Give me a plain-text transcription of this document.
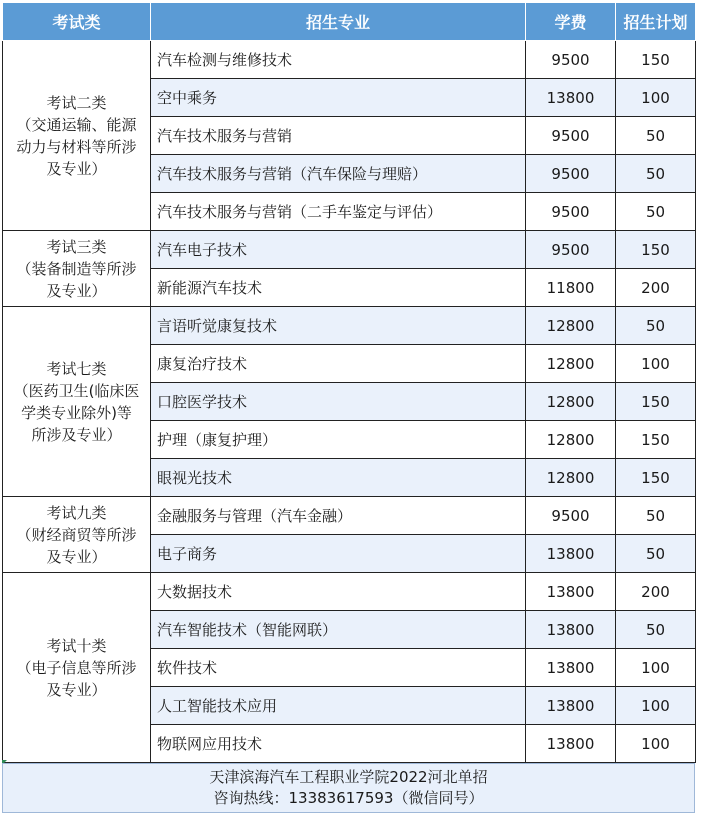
考试类	招生专业	学费	招生计划

考试二类
（交通运输、能源
动力与材料等所涉
及专业）	汽车检测与维修技术	9500	150
	空中乘务	13800	100
	汽车技术服务与营销	9500	50
	汽车技术服务与营销（汽车保险与理赔）	9500	50
	汽车技术服务与营销（二手车鉴定与评估）	9500	50

考试三类
（装备制造等所涉
及专业）	汽车电子技术	9500	150
	新能源汽车技术	11800	200

考试七类
（医药卫生(临床医
学类专业除外)等
所涉及专业）	言语听觉康复技术	12800	50
	康复治疗技术	12800	100
	口腔医学技术	12800	150
	护理（康复护理）	12800	150
	眼视光技术	12800	150

考试九类
（财经商贸等所涉
及专业）	金融服务与管理（汽车金融）	9500	50
	电子商务	13800	50

考试十类
（电子信息等所涉
及专业）	大数据技术	13800	200
	汽车智能技术（智能网联）	13800	50
	软件技术	13800	100
	人工智能技术应用	13800	100
	物联网应用技术	13800	100
天津滨海汽车工程职业学院2022河北单招
咨询热线：13383617593（微信同号）
